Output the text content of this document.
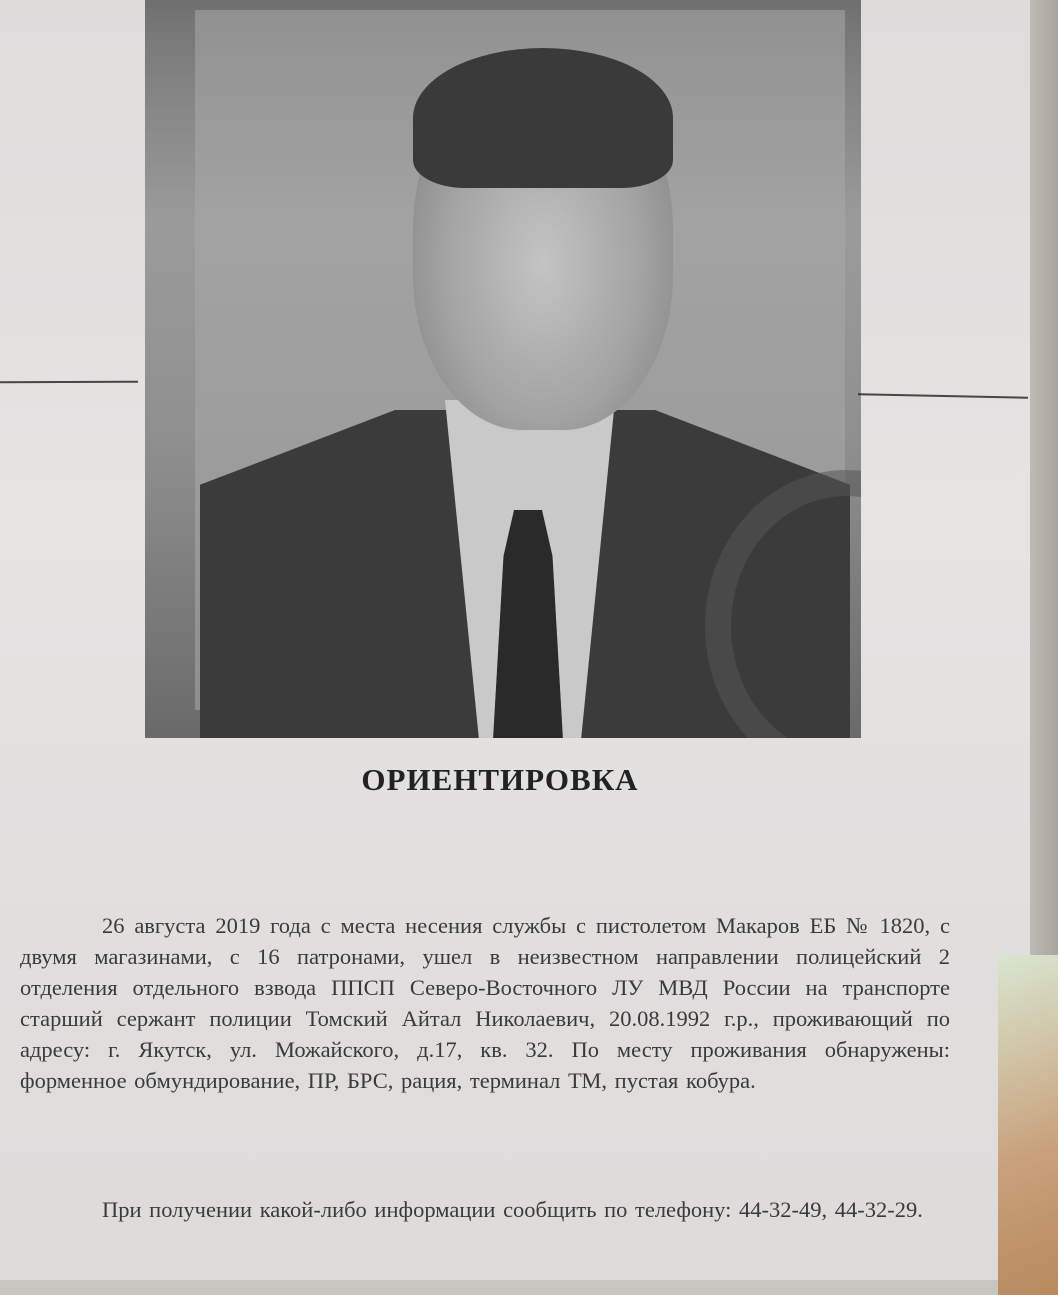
ОРИЕНТИРОВКА

26 августа 2019 года с места несения службы с пистолетом Макаров ЕБ № 1820, с двумя магазинами, с 16 патронами, ушел в неизвестном направлении полицейский 2 отделения отдельного взвода ППСП Северо-Восточного ЛУ МВД России на транспорте старший сержант полиции Томский Айтал Николаевич, 20.08.1992 г.р., проживающий по адресу: г. Якутск, ул. Можайского, д.17, кв. 32. По месту проживания обнаружены: форменное обмундирование, ПР, БРС, рация, терминал ТМ, пустая кобура.

При получении какой-либо информации сообщить по телефону: 44-32-49, 44-32-29.
